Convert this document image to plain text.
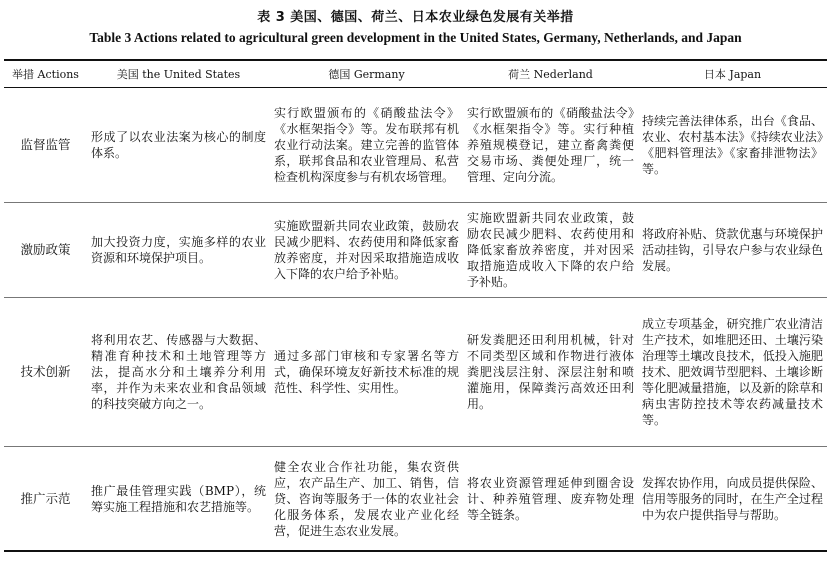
表 3 美国、德国、荷兰、日本农业绿色发展有关举措
Table 3 Actions related to agricultural green development in the United States, Germany, Netherlands, and Japan
举措 Actions	美国 the United States	德国 Germany	荷兰 Nederland	日本 Japan
监督监管	形成了以农业法案为核心的制度体系。	实行欧盟颁布的《硝酸盐法令》《水框架指令》等。发布联邦有机农业行动法案。建立完善的监管体系，联邦食品和农业管理局、私营检查机构深度参与有机农场管理。	实行欧盟颁布的《硝酸盐法令》《水框架指令》等。实行种植养殖规模登记，建立畜禽粪便交易市场、粪便处理厂，统一管理、定向分流。	持续完善法律体系，出台《食品、农业、农村基本法》《持续农业法》《肥料管理法》《家畜排泄物法》等。
激励政策	加大投资力度，实施多样的农业资源和环境保护项目。	实施欧盟新共同农业政策，鼓励农民减少肥料、农药使用和降低家畜放养密度，并对因采取措施造成收入下降的农户给予补贴。	实施欧盟新共同农业政策，鼓励农民减少肥料、农药使用和降低家畜放养密度，并对因采取措施造成收入下降的农户给予补贴。	将政府补贴、贷款优惠与环境保护活动挂钩，引导农户参与农业绿色发展。
技术创新	将利用农艺、传感器与大数据、精准育种技术和土地管理等方法，提高水分和土壤养分利用率，并作为未来农业和食品领域的科技突破方向之一。	通过多部门审核和专家署名等方式，确保环境友好新技术标准的规范性、科学性、实用性。	研发粪肥还田利用机械，针对不同类型区域和作物进行液体粪肥浅层注射、深层注射和喷灌施用，保障粪污高效还田利用。	成立专项基金，研究推广农业清洁生产技术，如堆肥还田、土壤污染治理等土壤改良技术，低投入施肥技术、肥效调节型肥料、土壤诊断等化肥减量措施，以及新的除草和病虫害防控技术等农药减量技术等。
推广示范	推广最佳管理实践（BMP），统筹实施工程措施和农艺措施等。	健全农业合作社功能，集农资供应，农产品生产、加工、销售，信贷、咨询等服务于一体的农业社会化服务体系，发展农业产业化经营，促进生态农业发展。	将农业资源管理延伸到圈舍设计、种养殖管理、废弃物处理等全链条。	发挥农协作用，向成员提供保险、信用等服务的同时，在生产全过程中为农户提供指导与帮助。
